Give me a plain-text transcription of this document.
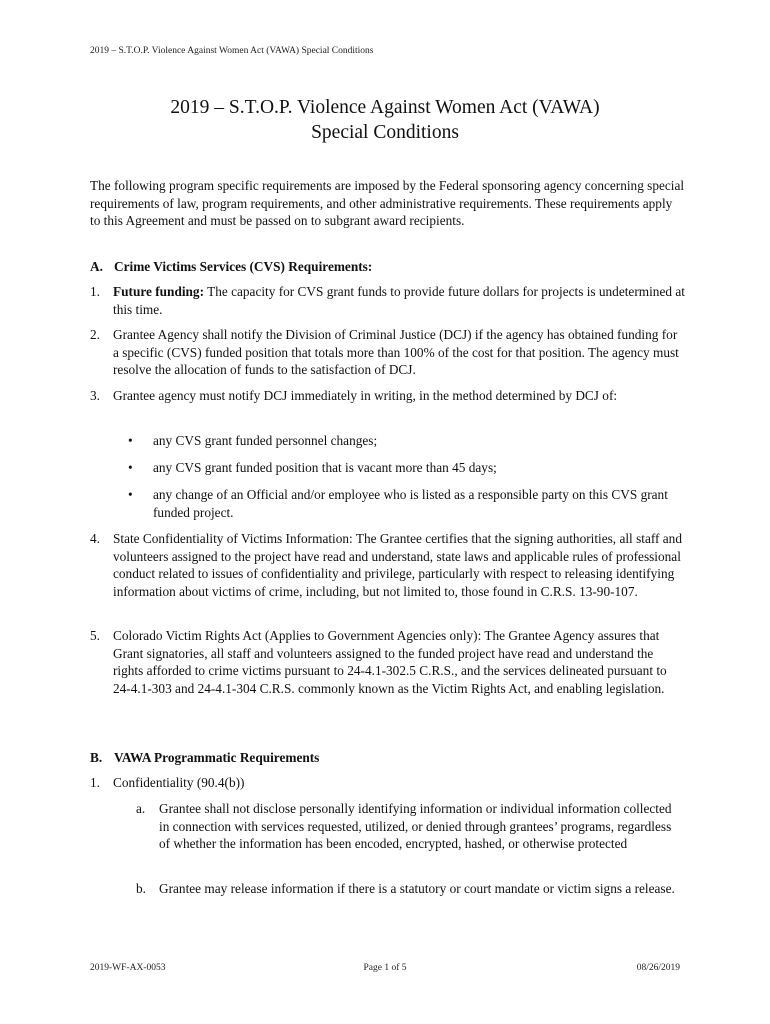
2019 – S.T.O.P. Violence Against Women Act (VAWA) Special Conditions
2019 – S.T.O.P. Violence Against Women Act (VAWA)
Special Conditions
The following program specific requirements are imposed by the Federal sponsoring agency concerning special requirements of law, program requirements, and other administrative requirements. These requirements apply to this Agreement and must be passed on to subgrant award recipients.
A. Crime Victims Services (CVS) Requirements:
1. Future funding: The capacity for CVS grant funds to provide future dollars for projects is undetermined at this time.
2. Grantee Agency shall notify the Division of Criminal Justice (DCJ) if the agency has obtained funding for a specific (CVS) funded position that totals more than 100% of the cost for that position. The agency must resolve the allocation of funds to the satisfaction of DCJ.
3. Grantee agency must notify DCJ immediately in writing, in the method determined by DCJ of:
• any CVS grant funded personnel changes;
• any CVS grant funded position that is vacant more than 45 days;
• any change of an Official and/or employee who is listed as a responsible party on this CVS grant funded project.
4. State Confidentiality of Victims Information: The Grantee certifies that the signing authorities, all staff and volunteers assigned to the project have read and understand, state laws and applicable rules of professional conduct related to issues of confidentiality and privilege, particularly with respect to releasing identifying information about victims of crime, including, but not limited to, those found in C.R.S. 13-90-107.
5. Colorado Victim Rights Act (Applies to Government Agencies only): The Grantee Agency assures that Grant signatories, all staff and volunteers assigned to the funded project have read and understand the rights afforded to crime victims pursuant to 24-4.1-302.5 C.R.S., and the services delineated pursuant to 24-4.1-303 and 24-4.1-304 C.R.S. commonly known as the Victim Rights Act, and enabling legislation.
B. VAWA Programmatic Requirements
1. Confidentiality (90.4(b))
a. Grantee shall not disclose personally identifying information or individual information collected in connection with services requested, utilized, or denied through grantees’ programs, regardless of whether the information has been encoded, encrypted, hashed, or otherwise protected
b. Grantee may release information if there is a statutory or court mandate or victim signs a release.
2019-WF-AX-0053	Page 1 of 5	08/26/2019
